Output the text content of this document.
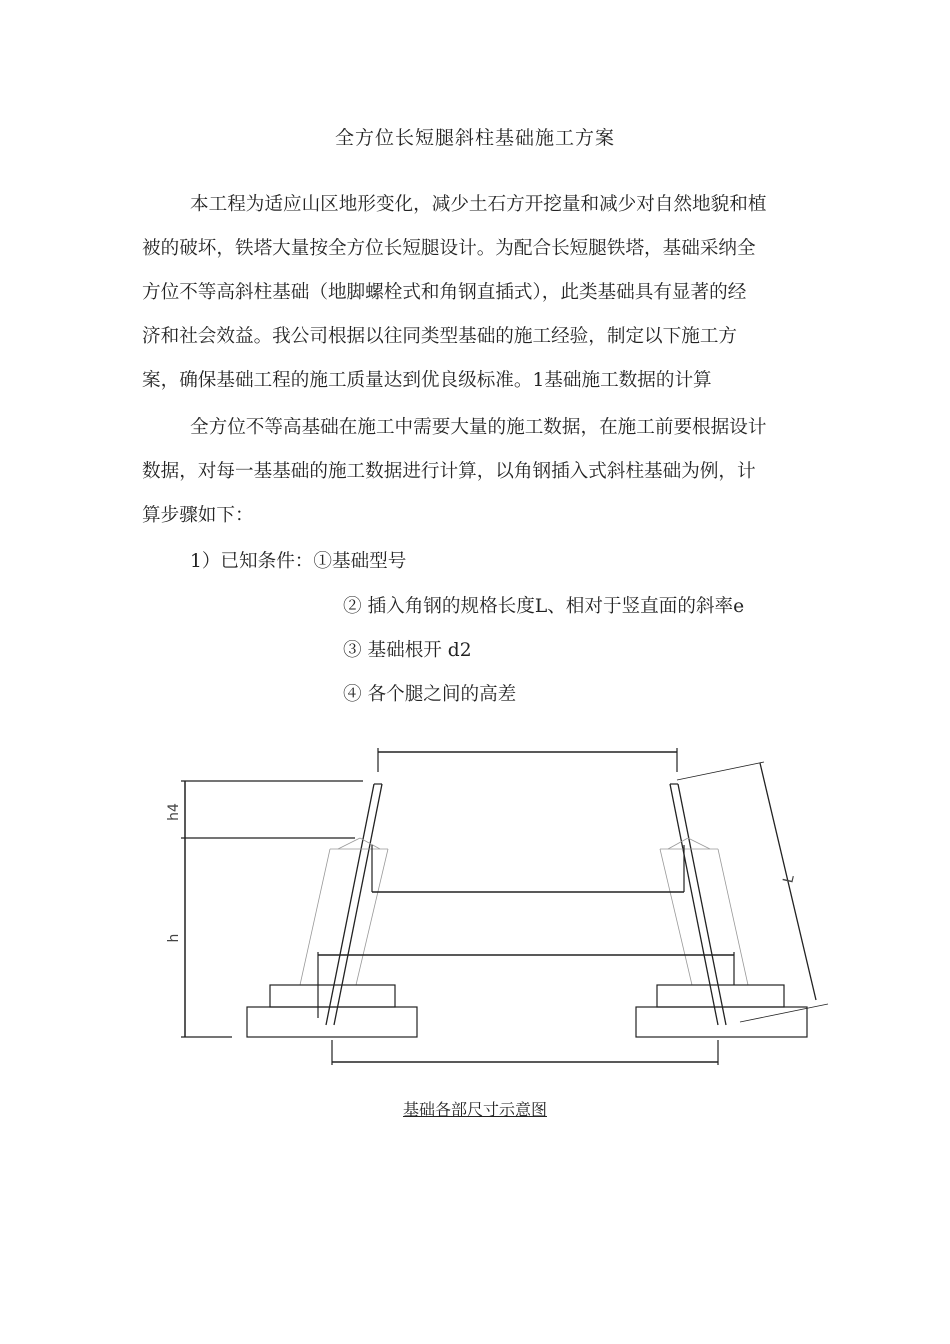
全方位长短腿斜柱基础施工方案
本工程为适应山区地形变化，减少土石方开挖量和减少对自然地貌和植
被的破坏，铁塔大量按全方位长短腿设计。为配合长短腿铁塔，基础采纳全
方位不等高斜柱基础（地脚螺栓式和角钢直插式），此类基础具有显著的经
济和社会效益。我公司根据以往同类型基础的施工经验，制定以下施工方
案，确保基础工程的施工质量达到优良级标准。1基础施工数据的计算
全方位不等高基础在施工中需要大量的施工数据，在施工前要根据设计
数据，对每一基基础的施工数据进行计算，以角钢插入式斜柱基础为例，计
算步骤如下：
1）已知条件：①基础型号
② 插入角钢的规格长度L、相对于竖直面的斜率e
③ 基础根开 d2
④ 各个腿之间的高差
h4
h
L
基础各部尺寸示意图
